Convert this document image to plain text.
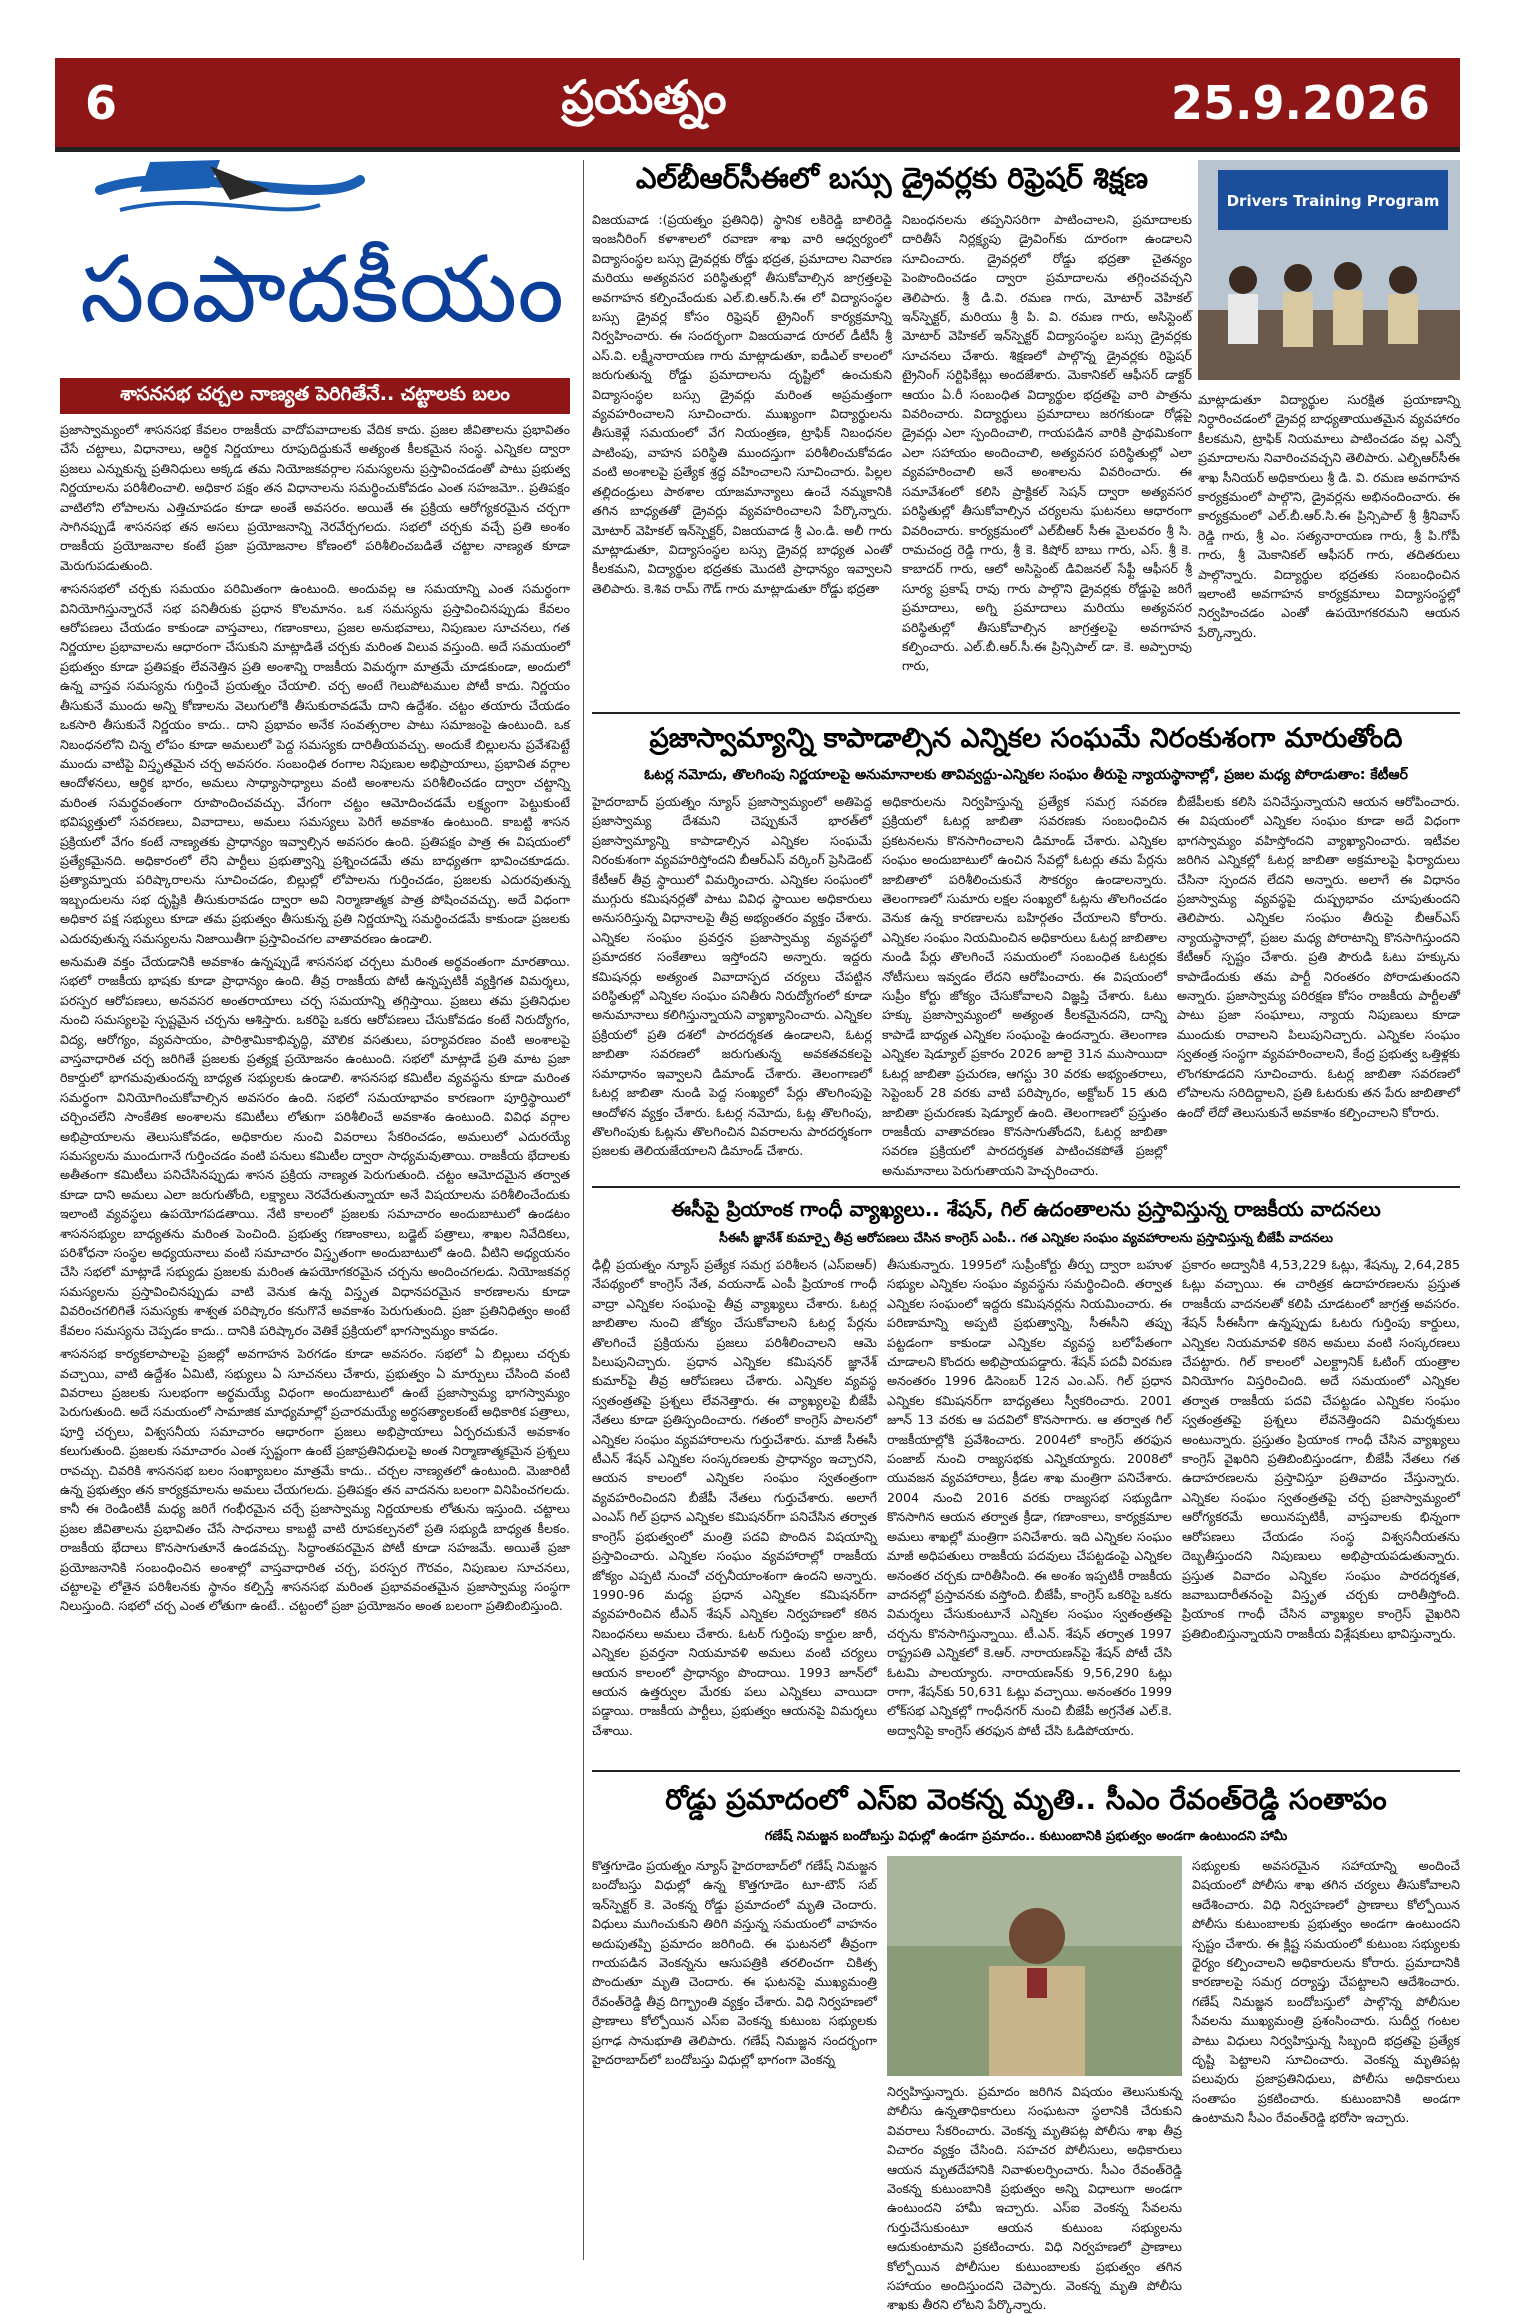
6	ప్రయత్నం	25.9.2026
సంపాదకీయం
శాసనసభ చర్చల నాణ్యత పెరిగితేనే.. చట్టాలకు బలం

ప్రజాస్వామ్యంలో శాసనసభ కేవలం రాజకీయ వాదోపవాదాలకు వేదిక కాదు. ప్రజల జీవితాలను ప్రభావితం చేసే చట్టాలు, విధానాలు, ఆర్థిక నిర్ణయాలు రూపుదిద్దుకునే అత్యంత కీలకమైన సంస్థ. ఎన్నికల ద్వారా ప్రజలు ఎన్నుకున్న ప్రతినిధులు అక్కడ తమ నియోజకవర్గాల సమస్యలను ప్రస్తావించడంతో పాటు ప్రభుత్వ నిర్ణయాలను పరిశీలించాలి. అధికార పక్షం తన విధానాలను సమర్థించుకోవడం ఎంత సహజమో.. ప్రతిపక్షం వాటిలోని లోపాలను ఎత్తిచూపడం కూడా అంతే అవసరం. అయితే ఈ ప్రక్రియ ఆరోగ్యకరమైన చర్చగా సాగినప్పుడే శాసనసభ తన అసలు ప్రయోజనాన్ని నెరవేర్చగలదు. సభలో చర్చకు వచ్చే ప్రతి అంశం రాజకీయ ప్రయోజనాల కంటే ప్రజా ప్రయోజనాల కోణంలో పరిశీలించబడితే చట్టాల నాణ్యత కూడా మెరుగుపడుతుంది.

శాసనసభలో చర్చకు సమయం పరిమితంగా ఉంటుంది. అందువల్ల ఆ సమయాన్ని ఎంత సమర్థంగా వినియోగిస్తున్నారనే సభ పనితీరుకు ప్రధాన కొలమానం. ఒక సమస్యను ప్రస్తావించినప్పుడు కేవలం ఆరోపణలు చేయడం కాకుండా వాస్తవాలు, గణాంకాలు, ప్రజల అనుభవాలు, నిపుణుల సూచనలు, గత నిర్ణయాల ప్రభావాలను ఆధారంగా చేసుకుని మాట్లాడితే చర్చకు మరింత విలువ వస్తుంది. అదే సమయంలో ప్రభుత్వం కూడా ప్రతిపక్షం లేవనెత్తిన ప్రతి అంశాన్ని రాజకీయ విమర్శగా మాత్రమే చూడకుండా, అందులో ఉన్న వాస్తవ సమస్యను గుర్తించే ప్రయత్నం చేయాలి. చర్చ అంటే గెలుపోటముల పోటీ కాదు. నిర్ణయం తీసుకునే ముందు అన్ని కోణాలను వెలుగులోకి తీసుకురావడమే దాని ఉద్దేశం. చట్టం తయారు చేయడం ఒకసారి తీసుకునే నిర్ణయం కాదు.. దాని ప్రభావం అనేక సంవత్సరాల పాటు సమాజంపై ఉంటుంది. ఒక నిబంధనలోని చిన్న లోపం కూడా అమలులో పెద్ద సమస్యకు దారితీయవచ్చు. అందుకే బిల్లులను ప్రవేశపెట్టే ముందు వాటిపై విస్తృతమైన చర్చ అవసరం. సంబంధిత రంగాల నిపుణుల అభిప్రాయాలు, ప్రభావిత వర్గాల ఆందోళనలు, ఆర్థిక భారం, అమలు సాధ్యాసాధ్యాలు వంటి అంశాలను పరిశీలించడం ద్వారా చట్టాన్ని మరింత సమర్థవంతంగా రూపొందించవచ్చు. వేగంగా చట్టం ఆమోదించడమే లక్ష్యంగా పెట్టుకుంటే భవిష్యత్తులో సవరణలు, వివాదాలు, అమలు సమస్యలు పెరిగే అవకాశం ఉంటుంది. కాబట్టి శాసన ప్రక్రియలో వేగం కంటే నాణ్యతకు ప్రాధాన్యం ఇవ్వాల్సిన అవసరం ఉంది. ప్రతిపక్షం పాత్ర ఈ విషయంలో ప్రత్యేకమైనది. అధికారంలో లేని పార్టీలు ప్రభుత్వాన్ని ప్రశ్నించడమే తమ బాధ్యతగా భావించకూడదు. ప్రత్యామ్నాయ పరిష్కారాలను సూచించడం, బిల్లుల్లో లోపాలను గుర్తించడం, ప్రజలకు ఎదురవుతున్న ఇబ్బందులను సభ దృష్టికి తీసుకురావడం ద్వారా అవి నిర్మాణాత్మక పాత్ర పోషించవచ్చు. అదే విధంగా అధికార పక్ష సభ్యులు కూడా తమ ప్రభుత్వం తీసుకున్న ప్రతి నిర్ణయాన్ని సమర్థించడమే కాకుండా ప్రజలకు ఎదురవుతున్న సమస్యలను నిజాయితీగా ప్రస్తావించగల వాతావరణం ఉండాలి.

అనుమతి వక్తం చేయడానికి అవకాశం ఉన్నప్పుడే శాసనసభ చర్చలు మరింత అర్థవంతంగా మారతాయి. సభలో రాజకీయ భాషకు కూడా ప్రాధాన్యం ఉంది. తీవ్ర రాజకీయ పోటీ ఉన్నప్పటికీ వ్యక్తిగత విమర్శలు, పరస్పర ఆరోపణలు, అనవసర అంతరాయాలు చర్చ సమయాన్ని తగ్గిస్తాయి. ప్రజలు తమ ప్రతినిధుల నుంచి సమస్యలపై స్పష్టమైన చర్చను ఆశిస్తారు. ఒకరిపై ఒకరు ఆరోపణలు చేసుకోవడం కంటే నిరుద్యోగం, విద్య, ఆరోగ్యం, వ్యవసాయం, పారిశ్రామికాభివృద్ధి, మౌలిక వసతులు, పర్యావరణం వంటి అంశాలపై వాస్తవాధారిత చర్చ జరిగితే ప్రజలకు ప్రత్యక్ష ప్రయోజనం ఉంటుంది. సభలో మాట్లాడే ప్రతి మాట ప్రజా రికార్డులో భాగమవుతుందన్న బాధ్యత సభ్యులకు ఉండాలి. శాసనసభ కమిటీల వ్యవస్థను కూడా మరింత సమర్థంగా వినియోగించుకోవాల్సిన అవసరం ఉంది. సభలో సమయాభావం కారణంగా పూర్తిస్థాయిలో చర్చించలేని సాంకేతిక అంశాలను కమిటీలు లోతుగా పరిశీలించే అవకాశం ఉంటుంది. వివిధ వర్గాల అభిప్రాయాలను తెలుసుకోవడం, అధికారుల నుంచి వివరాలు సేకరించడం, అమలులో ఎదురయ్యే సమస్యలను ముందుగానే గుర్తించడం వంటి పనులు కమిటీల ద్వారా సాధ్యమవుతాయి. రాజకీయ భేదాలకు అతీతంగా కమిటీలు పనిచేసినప్పుడు శాసన ప్రక్రియ నాణ్యత పెరుగుతుంది. చట్టం ఆమోదమైన తర్వాత కూడా దాని అమలు ఎలా జరుగుతోంది, లక్ష్యాలు నెరవేరుతున్నాయా అనే విషయాలను పరిశీలించేందుకు ఇలాంటి వ్యవస్థలు ఉపయోగపడతాయి. నేటి కాలంలో ప్రజలకు సమాచారం అందుబాటులో ఉండటం శాసనసభ్యుల బాధ్యతను మరింత పెంచింది. ప్రభుత్వ గణాంకాలు, బడ్జెట్ పత్రాలు, శాఖల నివేదికలు, పరిశోధనా సంస్థల అధ్యయనాలు వంటి సమాచారం విస్తృతంగా అందుబాటులో ఉంది. వీటిని అధ్యయనం చేసి సభలో మాట్లాడే సభ్యుడు ప్రజలకు మరింత ఉపయోగకరమైన చర్చను అందించగలడు. నియోజకవర్గ సమస్యలను ప్రస్తావించినప్పుడు వాటి వెనుక ఉన్న విస్తృత విధానపరమైన కారణాలను కూడా వివరించగలిగితే సమస్యకు శాశ్వత పరిష్కారం కనుగొనే అవకాశం పెరుగుతుంది. ప్రజా ప్రతినిధిత్వం అంటే కేవలం సమస్యను చెప్పడం కాదు.. దానికి పరిష్కారం వెతికే ప్రక్రియలో భాగస్వామ్యం కావడం.

శాసనసభ కార్యకలాపాలపై ప్రజల్లో అవగాహన పెరగడం కూడా అవసరం. సభలో ఏ బిల్లులు చర్చకు వచ్చాయి, వాటి ఉద్దేశం ఏమిటి, సభ్యులు ఏ సూచనలు చేశారు, ప్రభుత్వం ఏ మార్పులు చేసింది వంటి వివరాలు ప్రజలకు సులభంగా అర్థమయ్యే విధంగా అందుబాటులో ఉంటే ప్రజాస్వామ్య భాగస్వామ్యం పెరుగుతుంది. అదే సమయంలో సామాజిక మాధ్యమాల్లో ప్రచారమయ్యే అర్ధసత్యాలకంటే అధికారిక పత్రాలు, పూర్తి చర్చలు, విశ్వసనీయ సమాచారం ఆధారంగా ప్రజలు అభిప్రాయాలు ఏర్పరచుకునే అవకాశం కలుగుతుంది. ప్రజలకు సమాచారం ఎంత స్పష్టంగా ఉంటే ప్రజాప్రతినిధులపై అంత నిర్మాణాత్మకమైన ప్రశ్నలు రావచ్చు. చివరికి శాసనసభ బలం సంఖ్యాబలం మాత్రమే కాదు.. చర్చల నాణ్యతలో ఉంటుంది. మెజారిటీ ఉన్న ప్రభుత్వం తన కార్యక్రమాలను అమలు చేయగలదు. ప్రతిపక్షం తన వాదనను బలంగా వినిపించగలదు. కానీ ఈ రెండింటికీ మధ్య జరిగే గంభీరమైన చర్చే ప్రజాస్వామ్య నిర్ణయాలకు లోతును ఇస్తుంది. చట్టాలు ప్రజల జీవితాలను ప్రభావితం చేసే సాధనాలు కాబట్టి వాటి రూపకల్పనలో ప్రతి సభ్యుడి బాధ్యత కీలకం. రాజకీయ భేదాలు కొనసాగుతూనే ఉండవచ్చు. సిద్ధాంతపరమైన పోటీ కూడా సహజమే. అయితే ప్రజా ప్రయోజనానికి సంబంధించిన అంశాల్లో వాస్తవాధారిత చర్చ, పరస్పర గౌరవం, నిపుణుల సూచనలు, చట్టాలపై లోతైన పరిశీలనకు స్థానం కల్పిస్తే శాసనసభ మరింత ప్రభావవంతమైన ప్రజాస్వామ్య సంస్థగా నిలుస్తుంది. సభలో చర్చ ఎంత లోతుగా ఉంటే.. చట్టంలో ప్రజా ప్రయోజనం అంత బలంగా ప్రతిబింబిస్తుంది.

ఎల్‌బీఆర్‌సీఈలో బస్సు డ్రైవర్లకు రిఫ్రెషర్ శిక్షణ
విజయవాడ :(ప్రయత్నం ప్రతినిధి) స్థానిక లకిరెడ్డి బాలిరెడ్డి ఇంజనీరింగ్ కళాశాలలో రవాణా శాఖ వారి ఆధ్వర్యంలో విద్యాసంస్థల బస్సు డ్రైవర్లకు రోడ్డు భద్రత, ప్రమాదాల నివారణ మరియు అత్యవసర పరిస్థితుల్లో తీసుకోవాల్సిన జాగ్రత్తలపై అవగాహన కల్పించేందుకు ఎల్.బి.ఆర్.సి.ఈ లో విద్యాసంస్థల బస్సు డ్రైవర్ల కోసం రిఫ్రెషర్ ట్రైనింగ్ కార్యక్రమాన్ని నిర్వహించారు. ఈ సందర్భంగా విజయవాడ రూరల్ డీటీసీ శ్రీ ఎస్.వి. లక్ష్మీనారాయణ గారు మాట్లాడుతూ, ఐడీఎల్ కాలంలో జరుగుతున్న రోడ్డు ప్రమాదాలను దృష్టిలో ఉంచుకుని విద్యాసంస్థల బస్సు డ్రైవర్లు మరింత అప్రమత్తంగా వ్యవహరించాలని సూచించారు. ముఖ్యంగా విద్యార్థులను తీసుకెళ్లే సమయంలో వేగ నియంత్రణ, ట్రాఫిక్ నిబంధనల పాటింపు, వాహన పరిస్థితి ముందస్తుగా పరిశీలించుకోవడం వంటి అంశాలపై ప్రత్యేక శ్రద్ధ వహించాలని సూచించారు. పిల్లల తల్లిదండ్రులు పాఠశాల యాజమాన్యాలు ఉంచే నమ్మకానికి తగిన బాధ్యతతో డ్రైవర్లు వ్యవహరించాలని పేర్కొన్నారు. మోటార్ వెహికల్ ఇన్‌స్పెక్టర్, విజయవాడ శ్రీ ఎం.డి. అలీ గారు మాట్లాడుతూ, విద్యాసంస్థల బస్సు డ్రైవర్ల బాధ్యత ఎంతో కీలకమని, విద్యార్థుల భద్రతకు మొదటి ప్రాధాన్యం ఇవ్వాలని తెలిపారు. కె.శివ రామ్ గౌడ్ గారు మాట్లాడుతూ రోడ్డు భద్రతా
నిబంధనలను తప్పనిసరిగా పాటించాలని, ప్రమాదాలకు దారితీసే నిర్లక్ష్యపు డ్రైవింగ్‌కు దూరంగా ఉండాలని సూచించారు. డ్రైవర్లలో రోడ్డు భద్రతా చైతన్యం పెంపొందించడం ద్వారా ప్రమాదాలను తగ్గించవచ్చని తెలిపారు. శ్రీ డి.వి. రమణ గారు, మోటార్ వెహికల్ ఇన్‌స్పెక్టర్, మరియు శ్రీ పి. వి. రమణ గారు, అసిస్టెంట్ మోటార్ వెహికల్ ఇన్‌స్పెక్టర్ విద్యాసంస్థల బస్సు డ్రైవర్లకు సూచనలు చేశారు. శిక్షణలో పాల్గొన్న డ్రైవర్లకు రిఫ్రెషర్ ట్రైనింగ్ సర్టిఫికేట్లు అందజేశారు. మెకానికల్ ఆఫీసర్ డాక్టర్ ఆయం ఏ.రీ సంబంధిత విద్యార్థుల భద్రతపై వారి పాత్రను వివరించారు. విద్యార్థులు ప్రమాదాలు జరగకుండా రోడ్లపై డ్రైవర్లు ఎలా స్పందించాలి, గాయపడిన వారికి ప్రాథమికంగా ఎలా సహాయం అందించాలి, అత్యవసర పరిస్థితుల్లో ఎలా వ్యవహరించాలి అనే అంశాలను వివరించారు. ఈ సమావేశంలో కలిసి ప్రాక్టికల్ సెషన్ ద్వారా అత్యవసర పరిస్థితుల్లో తీసుకోవాల్సిన చర్యలను ఘటనలు ఆధారంగా వివరించారు. కార్యక్రమంలో ఎల్‌బీఆర్ సీఈ మైలవరం శ్రీ సి. రామచంద్ర రెడ్డి గారు, శ్రీ కె. కిషోర్ బాబు గారు, ఎస్. శ్రీ కె. కాబాదర్ గారు, ఆలో అసిస్టెంట్ డివిజనల్ సేఫ్టీ ఆఫీసర్ శ్రీ సూర్య ప్రకాష్ రావు గారు పాల్గొని డ్రైవర్లకు రోడ్డుపై జరిగే ప్రమాదాలు, అగ్ని ప్రమాదాలు మరియు అత్యవసర పరిస్థితుల్లో తీసుకోవాల్సిన జాగ్రత్తలపై అవగాహన కల్పించారు. ఎల్.బీ.ఆర్.సీ.ఈ ప్రిన్సిపాల్ డా. కె. అప్పారావు గారు,
Drivers Training Program
మాట్లాడుతూ విద్యార్థుల సురక్షిత ప్రయాణాన్ని నిర్ధారించడంలో డ్రైవర్ల బాధ్యతాయుతమైన వ్యవహారం కీలకమని, ట్రాఫిక్ నియమాలు పాటించడం వల్ల ఎన్నో ప్రమాదాలను నివారించవచ్చని తెలిపారు. ఎల్బిఆర్‌సీఈ శాఖ సీనియర్ అధికారులు శ్రీ డి. వి. రమణ అవగాహన కార్యక్రమంలో పాల్గొని, డ్రైవర్లను అభినందించారు. ఈ కార్యక్రమంలో ఎల్‌.బీ.ఆర్.సి.ఈ ప్రిన్సిపాల్ శ్రీ శ్రీనివాస్ రెడ్డి గారు, శ్రీ ఎం. సత్యనారాయణ గారు, శ్రీ పి.గోపీ గారు, శ్రీ మెకానికల్ ఆఫీసర్ గారు, తదితరులు పాల్గొన్నారు. విద్యార్థుల భద్రతకు సంబంధించిన ఇలాంటి అవగాహన కార్యక్రమాలు విద్యాసంస్థల్లో నిర్వహించడం ఎంతో ఉపయోగకరమని ఆయన పేర్కొన్నారు.
ప్రజాస్వామ్యాన్ని కాపాడాల్సిన ఎన్నికల సంఘమే నిరంకుశంగా మారుతోంది
ఓటర్ల నమోదు, తొలగింపు నిర్ణయాలపై అనుమానాలకు తావివ్వద్దు-ఎన్నికల సంఘం తీరుపై న్యాయస్థానాల్లో, ప్రజల మధ్య పోరాడుతాం: కేటీఆర్
హైదరాబాద్ ప్రయత్నం న్యూస్ ప్రజాస్వామ్యంలో అతిపెద్ద ప్రజాస్వామ్య దేశమని చెప్పుకునే భారత్‌లో ప్రజాస్వామ్యాన్ని కాపాడాల్సిన ఎన్నికల సంఘమే నిరంకుశంగా వ్యవహరిస్తోందని బీఆర్ఎస్ వర్కింగ్ ప్రెసిడెంట్ కేటీఆర్ తీవ్ర స్థాయిలో విమర్శించారు. ఎన్నికల సంఘంలో ముగ్గురు కమిషనర్లతో పాటు వివిధ స్థాయిల అధికారులు అనుసరిస్తున్న విధానాలపై తీవ్ర అభ్యంతరం వ్యక్తం చేశారు. ఎన్నికల సంఘం ప్రవర్తన ప్రజాస్వామ్య వ్యవస్థలో ప్రమాదకర సంకేతాలు ఇస్తోందని అన్నారు. ఇద్దరు కమిషనర్లు అత్యంత వివాదాస్పద చర్యలు చేపట్టిన పరిస్థితుల్లో ఎన్నికల సంఘం పనితీరు నిరుద్యోగంలో కూడా అనుమానాలు కలిగిస్తున్నాయని వ్యాఖ్యానించారు. ఎన్నికల ప్రక్రియలో ప్రతి దశలో పారదర్శకత ఉండాలని, ఓటర్ల జాబితా సవరణలో జరుగుతున్న అవకతవకలపై సమాధానం ఇవ్వాలని డిమాండ్ చేశారు. తెలంగాణలో ఓటర్ల జాబితా నుండి పెద్ద సంఖ్యలో పేర్లు తొలగింపుపై ఆందోళన వ్యక్తం చేశారు. ఓటర్ల నమోదు, ఓట్ల తొలగింపు, తొలగింపుకు ఓట్లను తొలగించిన వివరాలను పారదర్శకంగా ప్రజలకు తెలియజేయాలని డిమాండ్ చేశారు.
అధికారులను నిర్వహిస్తున్న ప్రత్యేక సమగ్ర సవరణ ప్రక్రియలో ఓటర్ల జాబితా సవరణకు సంబంధించిన ప్రకటనలను కొనసాగించాలని డిమాండ్ చేశారు. ఎన్నికల సంఘం అందుబాటులో ఉంచిన సేవల్లో ఓటర్లు తమ పేర్లను జాబితాలో పరిశీలించుకునే సౌకర్యం ఉండాలన్నారు. తెలంగాణలో సుమారు లక్షల సంఖ్యలో ఓట్లను తొలగించడం వెనుక ఉన్న కారణాలను బహిర్గతం చేయాలని కోరారు. ఎన్నికల సంఘం నియమించిన అధికారులు ఓటర్ల జాబితాల నుండి పేర్లు తొలగించే సమయంలో సంబంధిత ఓటర్లకు నోటీసులు ఇవ్వడం లేదని ఆరోపించారు. ఈ విషయంలో సుప్రీం కోర్టు జోక్యం చేసుకోవాలని విజ్ఞప్తి చేశారు. ఓటు హక్కు ప్రజాస్వామ్యంలో అత్యంత కీలకమైనదని, దాన్ని కాపాడే బాధ్యత ఎన్నికల సంఘంపై ఉందన్నారు. తెలంగాణ ఎన్నికల షెడ్యూల్ ప్రకారం 2026 జూలై 31న ముసాయిదా ఓటర్ల జాబితా ప్రచురణ, ఆగస్టు 30 వరకు అభ్యంతరాలు, సెప్టెంబర్ 28 వరకు వాటి పరిష్కారం, అక్టోబర్ 15 తుది జాబితా ప్రచురణకు షెడ్యూల్ ఉంది. తెలంగాణలో ప్రస్తుతం రాజకీయ వాతావరణం కొనసాగుతోందని, ఓటర్ల జాబితా సవరణ ప్రక్రియలో పారదర్శకత పాటించకపోతే ప్రజల్లో అనుమానాలు పెరుగుతాయని హెచ్చరించారు.
బీజేపీలకు కలిసి పనిచేస్తున్నాయని ఆయన ఆరోపించారు. ఈ విషయంలో ఎన్నికల సంఘం కూడా అదే విధంగా భాగస్వామ్యం వహిస్తోందని వ్యాఖ్యానించారు. ఇటీవల జరిగిన ఎన్నికల్లో ఓటర్ల జాబితా అక్రమాలపై ఫిర్యాదులు చేసినా స్పందన లేదని అన్నారు. అలాగే ఈ విధానం ప్రజాస్వామ్య వ్యవస్థపై దుష్ప్రభావం చూపుతుందని తెలిపారు. ఎన్నికల సంఘం తీరుపై బీఆర్ఎస్ న్యాయస్థానాల్లో, ప్రజల మధ్య పోరాటాన్ని కొనసాగిస్తుందని కేటీఆర్ స్పష్టం చేశారు. ప్రతి పౌరుడి ఓటు హక్కును కాపాడేందుకు తమ పార్టీ నిరంతరం పోరాడుతుందని అన్నారు. ప్రజాస్వామ్య పరిరక్షణ కోసం రాజకీయ పార్టీలతో పాటు ప్రజా సంఘాలు, న్యాయ నిపుణులు కూడా ముందుకు రావాలని పిలుపునిచ్చారు. ఎన్నికల సంఘం స్వతంత్ర సంస్థగా వ్యవహరించాలని, కేంద్ర ప్రభుత్వ ఒత్తిళ్లకు లొంగకూడదని సూచించారు. ఓటర్ల జాబితా సవరణలో లోపాలను సరిదిద్దాలని, ప్రతి ఓటరుకు తన పేరు జాబితాలో ఉందో లేదో తెలుసుకునే అవకాశం కల్పించాలని కోరారు.
ఈసీపై ప్రియాంక గాంధీ వ్యాఖ్యలు.. శేషన్, గిల్ ఉదంతాలను ప్రస్తావిస్తున్న రాజకీయ వాదనలు
సీఈసీ జ్ఞానేశ్ కుమార్పై తీవ్ర ఆరోపణలు చేసిన కాంగ్రెస్ ఎంపీ.. గత ఎన్నికల సంఘం వ్యవహారాలను ప్రస్తావిస్తున్న బీజేపీ వాదనలు
ఢిల్లీ ప్రయత్నం న్యూస్ ప్రత్యేక సమగ్ర పరిశీలన (ఎస్ఐఆర్) నేపథ్యంలో కాంగ్రెస్ నేత, వయనాడ్ ఎంపీ ప్రియాంక గాంధీ వాద్రా ఎన్నికల సంఘంపై తీవ్ర వ్యాఖ్యలు చేశారు. ఓటర్ల జాబితాల నుంచి జోక్యం చేసుకోవాలని ఓటర్ల పేర్లను తొలగించే ప్రక్రియను ప్రజలు పరిశీలించాలని ఆమె పిలుపునిచ్చారు. ప్రధాన ఎన్నికల కమిషనర్ జ్ఞానేశ్ కుమార్‌పై తీవ్ర ఆరోపణలు చేశారు. ఎన్నికల వ్యవస్థ స్వతంత్రతపై ప్రశ్నలు లేవనెత్తారు. ఈ వ్యాఖ్యలపై బీజేపీ నేతలు కూడా ప్రతిస్పందించారు. గతంలో కాంగ్రెస్ పాలనలో ఎన్నికల సంఘం వ్యవహారాలను గుర్తుచేశారు. మాజీ సీఈసీ టీఎన్ శేషన్ ఎన్నికల సంస్కరణలకు ప్రాధాన్యం ఇచ్చారని, ఆయన కాలంలో ఎన్నికల సంఘం స్వతంత్రంగా వ్యవహరించిందని బీజేపీ నేతలు గుర్తుచేశారు. అలాగే ఎంఎస్ గిల్ ప్రధాన ఎన్నికల కమిషనర్‌గా పనిచేసిన తర్వాత కాంగ్రెస్ ప్రభుత్వంలో మంత్రి పదవి పొందిన విషయాన్ని ప్రస్తావించారు. ఎన్నికల సంఘం వ్యవహారాల్లో రాజకీయ జోక్యం ఎప్పటి నుంచో చర్చనీయాంశంగా ఉందని అన్నారు. 1990-96 మధ్య ప్రధాన ఎన్నికల కమిషనర్‌గా వ్యవహరించిన టీఎన్ శేషన్ ఎన్నికల నిర్వహణలో కఠిన నిబంధనలు అమలు చేశారు. ఓటర్ గుర్తింపు కార్డుల జారీ, ఎన్నికల ప్రవర్తనా నియమావళి అమలు వంటి చర్యలు ఆయన కాలంలో ప్రాధాన్యం పొందాయి. 1993 జూన్‌లో ఆయన ఉత్తర్వుల మేరకు పలు ఎన్నికలు వాయిదా పడ్డాయి. రాజకీయ పార్టీలు, ప్రభుత్వం ఆయనపై విమర్శలు చేశాయి.
తీసుకున్నారు. 1995లో సుప్రీంకోర్టు తీర్పు ద్వారా బహుళ సభ్యుల ఎన్నికల సంఘం వ్యవస్థను సమర్థించింది. తర్వాత ఎన్నికల సంఘంలో ఇద్దరు కమిషనర్లను నియమించారు. ఈ పరిణామాన్ని అప్పటి ప్రభుత్వాన్ని, సీఈసీని తప్పు పట్టడంగా కాకుండా ఎన్నికల వ్యవస్థ బలోపేతంగా చూడాలని కొందరు అభిప్రాయపడ్డారు. శేషన్ పదవీ విరమణ అనంతరం 1996 డిసెంబర్ 12న ఎం.ఎస్. గిల్ ప్రధాన ఎన్నికల కమిషనర్‌గా బాధ్యతలు స్వీకరించారు. 2001 జూన్ 13 వరకు ఆ పదవిలో కొనసాగారు. ఆ తర్వాత గిల్ రాజకీయాల్లోకి ప్రవేశించారు. 2004లో కాంగ్రెస్ తరఫున పంజాబ్ నుంచి రాజ్యసభకు ఎన్నికయ్యారు. 2008లో యువజన వ్యవహారాలు, క్రీడల శాఖ మంత్రిగా పనిచేశారు. 2004 నుంచి 2016 వరకు రాజ్యసభ సభ్యుడిగా కొనసాగిన ఆయన తర్వాత క్రీడా, గణాంకాలు, కార్యక్రమాల అమలు శాఖల్లో మంత్రిగా పనిచేశారు. ఇది ఎన్నికల సంఘం మాజీ అధిపతులు రాజకీయ పదవులు చేపట్టడంపై ఎన్నికల అనంతర చర్చకు దారితీసింది. ఈ అంశం ఇప్పటికీ రాజకీయ వాదనల్లో ప్రస్తావనకు వస్తోంది. బీజేపీ, కాంగ్రెస్ ఒకరిపై ఒకరు విమర్శలు చేసుకుంటూనే ఎన్నికల సంఘం స్వతంత్రతపై చర్చను కొనసాగిస్తున్నాయి. టీ.ఎన్. శేషన్ తర్వాత 1997 రాష్ట్రపతి ఎన్నికలో కె.ఆర్. నారాయణన్‌పై శేషన్ పోటీ చేసి ఓటమి పాలయ్యారు. నారాయణన్‌కు 9,56,290 ఓట్లు రాగా, శేషన్‌కు 50,631 ఓట్లు వచ్చాయి. అనంతరం 1999 లోక్‌సభ ఎన్నికల్లో గాంధీనగర్ నుంచి బీజేపీ అగ్రనేత ఎల్.కె. అద్వానీపై కాంగ్రెస్ తరఫున పోటీ చేసి ఓడిపోయారు.
ప్రకారం అద్వానీకి 4,53,229 ఓట్లు, శేషన్కు 2,64,285 ఓట్లు వచ్చాయి. ఈ చారిత్రక ఉదాహరణలను ప్రస్తుత రాజకీయ వాదనలతో కలిపి చూడటంలో జాగ్రత్త అవసరం. శేషన్ సీఈసీగా ఉన్నప్పుడు ఓటరు గుర్తింపు కార్డులు, ఎన్నికల నియమావళి కఠిన అమలు వంటి సంస్కరణలు చేపట్టారు. గిల్ కాలంలో ఎలక్ట్రానిక్ ఓటింగ్ యంత్రాల వినియోగం విస్తరించింది. అదే సమయంలో ఎన్నికల తర్వాత రాజకీయ పదవి చేపట్టడం ఎన్నికల సంఘం స్వతంత్రతపై ప్రశ్నలు లేవనెత్తిందని విమర్శకులు అంటున్నారు. ప్రస్తుతం ప్రియాంక గాంధీ చేసిన వ్యాఖ్యలు కాంగ్రెస్ వైఖరిని ప్రతిబింబిస్తుండగా, బీజేపీ నేతలు గత ఉదాహరణలను ప్రస్తావిస్తూ ప్రతివాదం చేస్తున్నారు. ఎన్నికల సంఘం స్వతంత్రతపై చర్చ ప్రజాస్వామ్యంలో ఆరోగ్యకరమే అయినప్పటికీ, వాస్తవాలకు భిన్నంగా ఆరోపణలు చేయడం సంస్థ విశ్వసనీయతను దెబ్బతీస్తుందని నిపుణులు అభిప్రాయపడుతున్నారు. ప్రస్తుత వివాదం ఎన్నికల సంఘం పారదర్శకత, జవాబుదారీతనంపై విస్తృత చర్చకు దారితీస్తోంది. ప్రియాంక గాంధీ చేసిన వ్యాఖ్యల కాంగ్రెస్ వైఖరిని ప్రతిబింబిస్తున్నాయని రాజకీయ విశ్లేషకులు భావిస్తున్నారు.
రోడ్డు ప్రమాదంలో ఎస్ఐ వెంకన్న మృతి.. సీఎం రేవంత్‌రెడ్డి సంతాపం
గణేష్ నిమజ్జన బందోబస్తు విధుల్లో ఉండగా ప్రమాదం.. కుటుంబానికి ప్రభుత్వం అండగా ఉంటుందని హామీ
కొత్తగూడెం ప్రయత్నం న్యూస్ హైదరాబాద్‌లో గణేష్ నిమజ్జన బందోబస్తు విధుల్లో ఉన్న కొత్తగూడెం టూ-టౌన్ సబ్ ఇన్‌స్పెక్టర్ కె. వెంకన్న రోడ్డు ప్రమాదంలో మృతి చెందారు. విధులు ముగించుకుని తిరిగి వస్తున్న సమయంలో వాహనం అదుపుతప్పి ప్రమాదం జరిగింది. ఈ ఘటనలో తీవ్రంగా గాయపడిన వెంకన్నను ఆసుపత్రికి తరలించగా చికిత్స పొందుతూ మృతి చెందారు. ఈ ఘటనపై ముఖ్యమంత్రి రేవంత్‌రెడ్డి తీవ్ర దిగ్భ్రాంతి వ్యక్తం చేశారు. విధి నిర్వహణలో ప్రాణాలు కోల్పోయిన ఎస్ఐ వెంకన్న కుటుంబ సభ్యులకు ప్రగాఢ సానుభూతి తెలిపారు. గణేష్ నిమజ్జన సందర్భంగా హైదరాబాద్‌లో బందోబస్తు విధుల్లో భాగంగా వెంకన్న
నిర్వహిస్తున్నారు. ప్రమాదం జరిగిన విషయం తెలుసుకున్న పోలీసు ఉన్నతాధికారులు సంఘటనా స్థలానికి చేరుకుని వివరాలు సేకరించారు. వెంకన్న మృతిపట్ల పోలీసు శాఖ తీవ్ర విచారం వ్యక్తం చేసింది. సహచర పోలీసులు, అధికారులు ఆయన మృతదేహానికి నివాళులర్పించారు. సీఎం రేవంత్‌రెడ్డి వెంకన్న కుటుంబానికి ప్రభుత్వం అన్ని విధాలుగా అండగా ఉంటుందని హామీ ఇచ్చారు. ఎస్ఐ వెంకన్న సేవలను గుర్తుచేసుకుంటూ ఆయన కుటుంబ సభ్యులను ఆదుకుంటామని ప్రకటించారు. విధి నిర్వహణలో ప్రాణాలు కోల్పోయిన పోలీసుల కుటుంబాలకు ప్రభుత్వం తగిన సహాయం అందిస్తుందని చెప్పారు. వెంకన్న మృతి పోలీసు శాఖకు తీరని లోటని పేర్కొన్నారు.
సభ్యులకు అవసరమైన సహాయాన్ని అందించే విషయంలో పోలీసు శాఖ తగిన చర్యలు తీసుకోవాలని ఆదేశించారు. విధి నిర్వహణలో ప్రాణాలు కోల్పోయిన పోలీసు కుటుంబాలకు ప్రభుత్వం అండగా ఉంటుందని స్పష్టం చేశారు. ఈ క్లిష్ట సమయంలో కుటుంబ సభ్యులకు ధైర్యం కల్పించాలని అధికారులను కోరారు. ప్రమాదానికి కారణాలపై సమగ్ర దర్యాప్తు చేపట్టాలని ఆదేశించారు. గణేష్ నిమజ్జన బందోబస్తులో పాల్గొన్న పోలీసుల సేవలను ముఖ్యమంత్రి ప్రశంసించారు. సుదీర్ఘ గంటల పాటు విధులు నిర్వహిస్తున్న సిబ్బంది భద్రతపై ప్రత్యేక దృష్టి పెట్టాలని సూచించారు. వెంకన్న మృతిపట్ల పలువురు ప్రజాప్రతినిధులు, పోలీసు అధికారులు సంతాపం ప్రకటించారు. కుటుంబానికి అండగా ఉంటామని సీఎం రేవంత్‌రెడ్డి భరోసా ఇచ్చారు.
